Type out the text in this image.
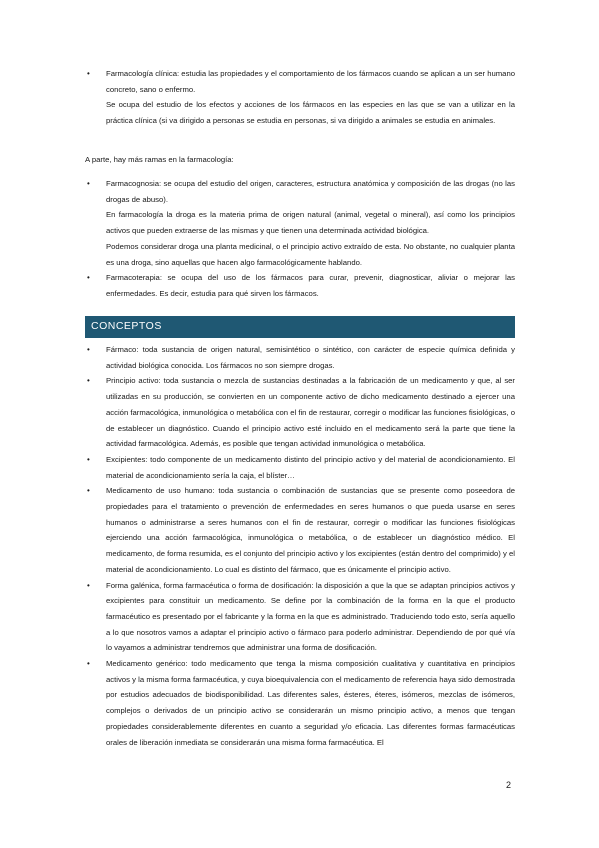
• Farmacología clínica: estudia las propiedades y el comportamiento de los fármacos cuando se aplican a un ser humano concreto, sano o enfermo.
Se ocupa del estudio de los efectos y acciones de los fármacos en las especies en las que se van a utilizar en la práctica clínica (si va dirigido a personas se estudia en personas, si va dirigido a animales se estudia en animales.
A parte, hay más ramas en la farmacología:
• Farmacognosia: se ocupa del estudio del origen, caracteres, estructura anatómica y composición de las drogas (no las drogas de abuso).
En farmacología la droga es la materia prima de origen natural (animal, vegetal o mineral), así como los principios activos que pueden extraerse de las mismas y que tienen una determinada actividad biológica.
Podemos considerar droga una planta medicinal, o el principio activo extraído de esta. No obstante, no cualquier planta es una droga, sino aquellas que hacen algo farmacológicamente hablando.
• Farmacoterapia: se ocupa del uso de los fármacos para curar, prevenir, diagnosticar, aliviar o mejorar las enfermedades. Es decir, estudia para qué sirven los fármacos.
CONCEPTOS
• Fármaco: toda sustancia de origen natural, semisintético o sintético, con carácter de especie química definida y actividad biológica conocida. Los fármacos no son siempre drogas.
• Principio activo: toda sustancia o mezcla de sustancias destinadas a la fabricación de un medicamento y que, al ser utilizadas en su producción, se convierten en un componente activo de dicho medicamento destinado a ejercer una acción farmacológica, inmunológica o metabólica con el fin de restaurar, corregir o modificar las funciones fisiológicas, o de establecer un diagnóstico. Cuando el principio activo esté incluido en el medicamento será la parte que tiene la actividad farmacológica. Además, es posible que tengan actividad inmunológica o metabólica.
• Excipientes: todo componente de un medicamento distinto del principio activo y del material de acondicionamiento. El material de acondicionamiento sería la caja, el blíster…
• Medicamento de uso humano: toda sustancia o combinación de sustancias que se presente como poseedora de propiedades para el tratamiento o prevención de enfermedades en seres humanos o que pueda usarse en seres humanos o administrarse a seres humanos con el fin de restaurar, corregir o modificar las funciones fisiológicas ejerciendo una acción farmacológica, inmunológica o metabólica, o de establecer un diagnóstico médico. El medicamento, de forma resumida, es el conjunto del principio activo y los excipientes (están dentro del comprimido) y el material de acondicionamiento. Lo cual es distinto del fármaco, que es únicamente el principio activo.
• Forma galénica, forma farmacéutica o forma de dosificación: la disposición a que la que se adaptan principios activos y excipientes para constituir un medicamento. Se define por la combinación de la forma en la que el producto farmacéutico es presentado por el fabricante y la forma en la que es administrado. Traduciendo todo esto, sería aquello a lo que nosotros vamos a adaptar el principio activo o fármaco para poderlo administrar. Dependiendo de por qué vía lo vayamos a administrar tendremos que administrar una forma de dosificación.
• Medicamento genérico: todo medicamento que tenga la misma composición cualitativa y cuantitativa en principios activos y la misma forma farmacéutica, y cuya bioequivalencia con el medicamento de referencia haya sido demostrada por estudios adecuados de biodisponibilidad. Las diferentes sales, ésteres, éteres, isómeros, mezclas de isómeros, complejos o derivados de un principio activo se considerarán un mismo principio activo, a menos que tengan propiedades considerablemente diferentes en cuanto a seguridad y/o eficacia. Las diferentes formas farmacéuticas orales de liberación inmediata se considerarán una misma forma farmacéutica. El
2
